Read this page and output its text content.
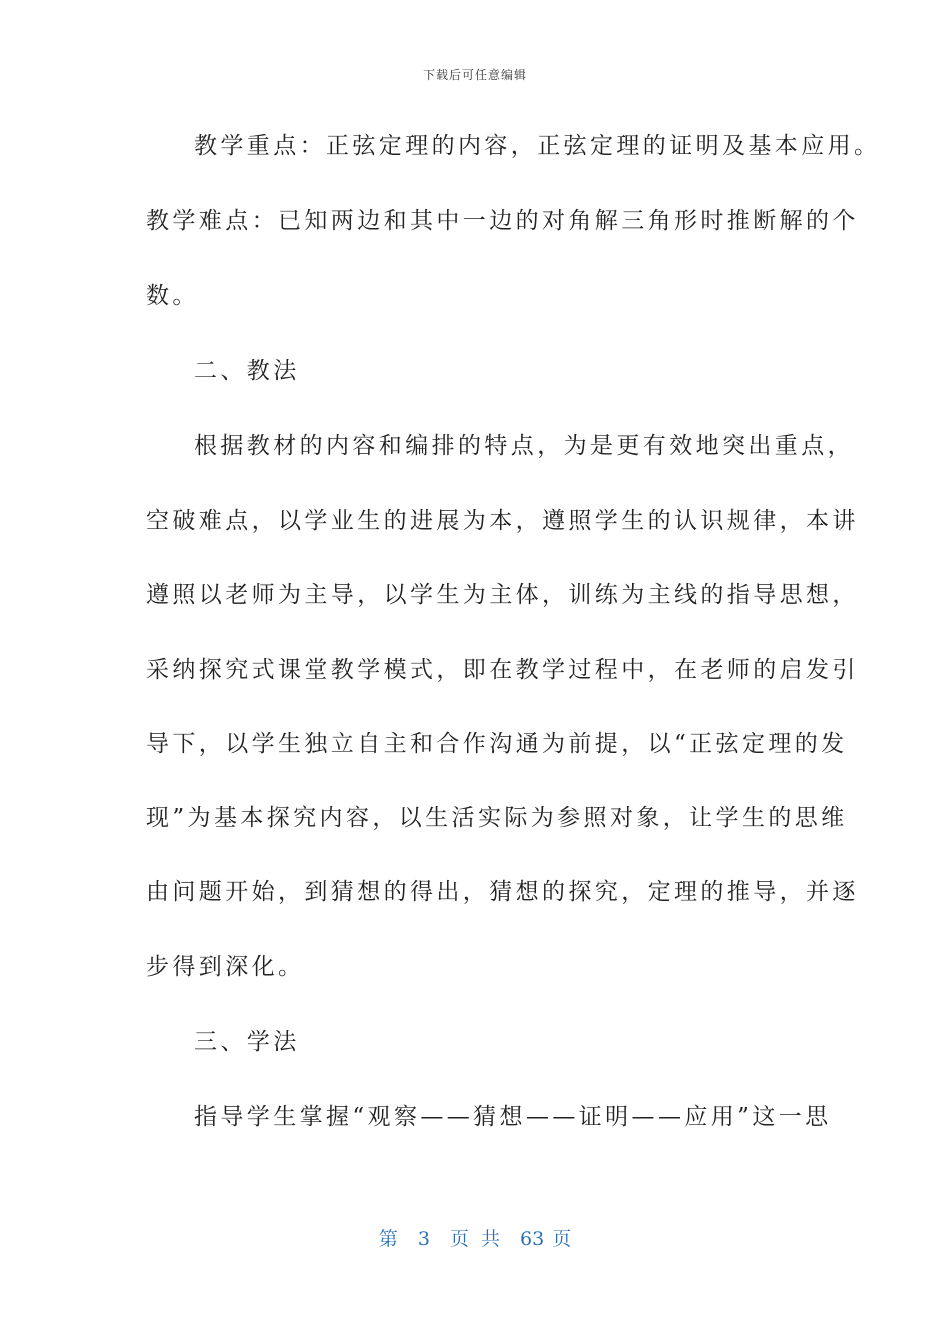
下载后可任意编辑
教学重点：正弦定理的内容，正弦定理的证明及基本应用。
教学难点：已知两边和其中一边的对角解三角形时推断解的个
数。
二、教法
根据教材的内容和编排的特点，为是更有效地突出重点，
空破难点，以学业生的进展为本，遵照学生的认识规律，本讲
遵照以老师为主导，以学生为主体，训练为主线的指导思想，
采纳探究式课堂教学模式，即在教学过程中，在老师的启发引
导下，以学生独立自主和合作沟通为前提，以“正弦定理的发
现”为基本探究内容，以生活实际为参照对象，让学生的思维
由问题开始，到猜想的得出，猜想的探究，定理的推导，并逐
步得到深化。
三、学法
指导学生掌握“观察——猜想——证明——应用”这一思
第 3 页 共 63 页
